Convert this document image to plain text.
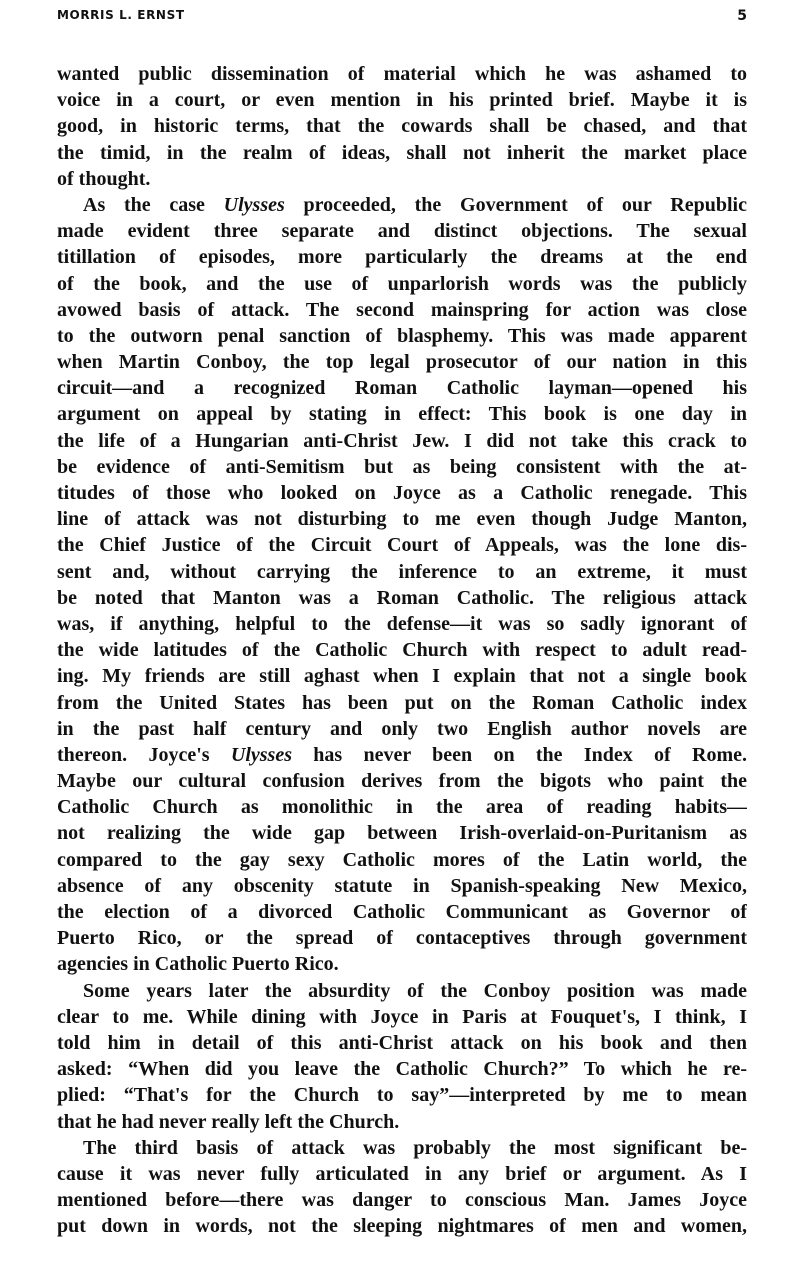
MORRIS L. ERNST	5
wanted public dissemination of material which he was ashamed to
voice in a court, or even mention in his printed brief. Maybe it is
good, in historic terms, that the cowards shall be chased, and that
the timid, in the realm of ideas, shall not inherit the market place
of thought.
As the case Ulysses proceeded, the Government of our Republic
made evident three separate and distinct objections. The sexual
titillation of episodes, more particularly the dreams at the end
of the book, and the use of unparlorish words was the publicly
avowed basis of attack. The second mainspring for action was close
to the outworn penal sanction of blasphemy. This was made apparent
when Martin Conboy, the top legal prosecutor of our nation in this
circuit—and a recognized Roman Catholic layman—opened his
argument on appeal by stating in effect: This book is one day in
the life of a Hungarian anti-Christ Jew. I did not take this crack to
be evidence of anti-Semitism but as being consistent with the at-
titudes of those who looked on Joyce as a Catholic renegade. This
line of attack was not disturbing to me even though Judge Manton,
the Chief Justice of the Circuit Court of Appeals, was the lone dis-
sent and, without carrying the inference to an extreme, it must
be noted that Manton was a Roman Catholic. The religious attack
was, if anything, helpful to the defense—it was so sadly ignorant of
the wide latitudes of the Catholic Church with respect to adult read-
ing. My friends are still aghast when I explain that not a single book
from the United States has been put on the Roman Catholic index
in the past half century and only two English author novels are
thereon. Joyce's Ulysses has never been on the Index of Rome.
Maybe our cultural confusion derives from the bigots who paint the
Catholic Church as monolithic in the area of reading habits—
not realizing the wide gap between Irish-overlaid-on-Puritanism as
compared to the gay sexy Catholic mores of the Latin world, the
absence of any obscenity statute in Spanish-speaking New Mexico,
the election of a divorced Catholic Communicant as Governor of
Puerto Rico, or the spread of contaceptives through government
agencies in Catholic Puerto Rico.
Some years later the absurdity of the Conboy position was made
clear to me. While dining with Joyce in Paris at Fouquet's, I think, I
told him in detail of this anti-Christ attack on his book and then
asked: “When did you leave the Catholic Church?” To which he re-
plied: “That's for the Church to say”—interpreted by me to mean
that he had never really left the Church.
The third basis of attack was probably the most significant be-
cause it was never fully articulated in any brief or argument. As I
mentioned before—there was danger to conscious Man. James Joyce
put down in words, not the sleeping nightmares of men and women,
